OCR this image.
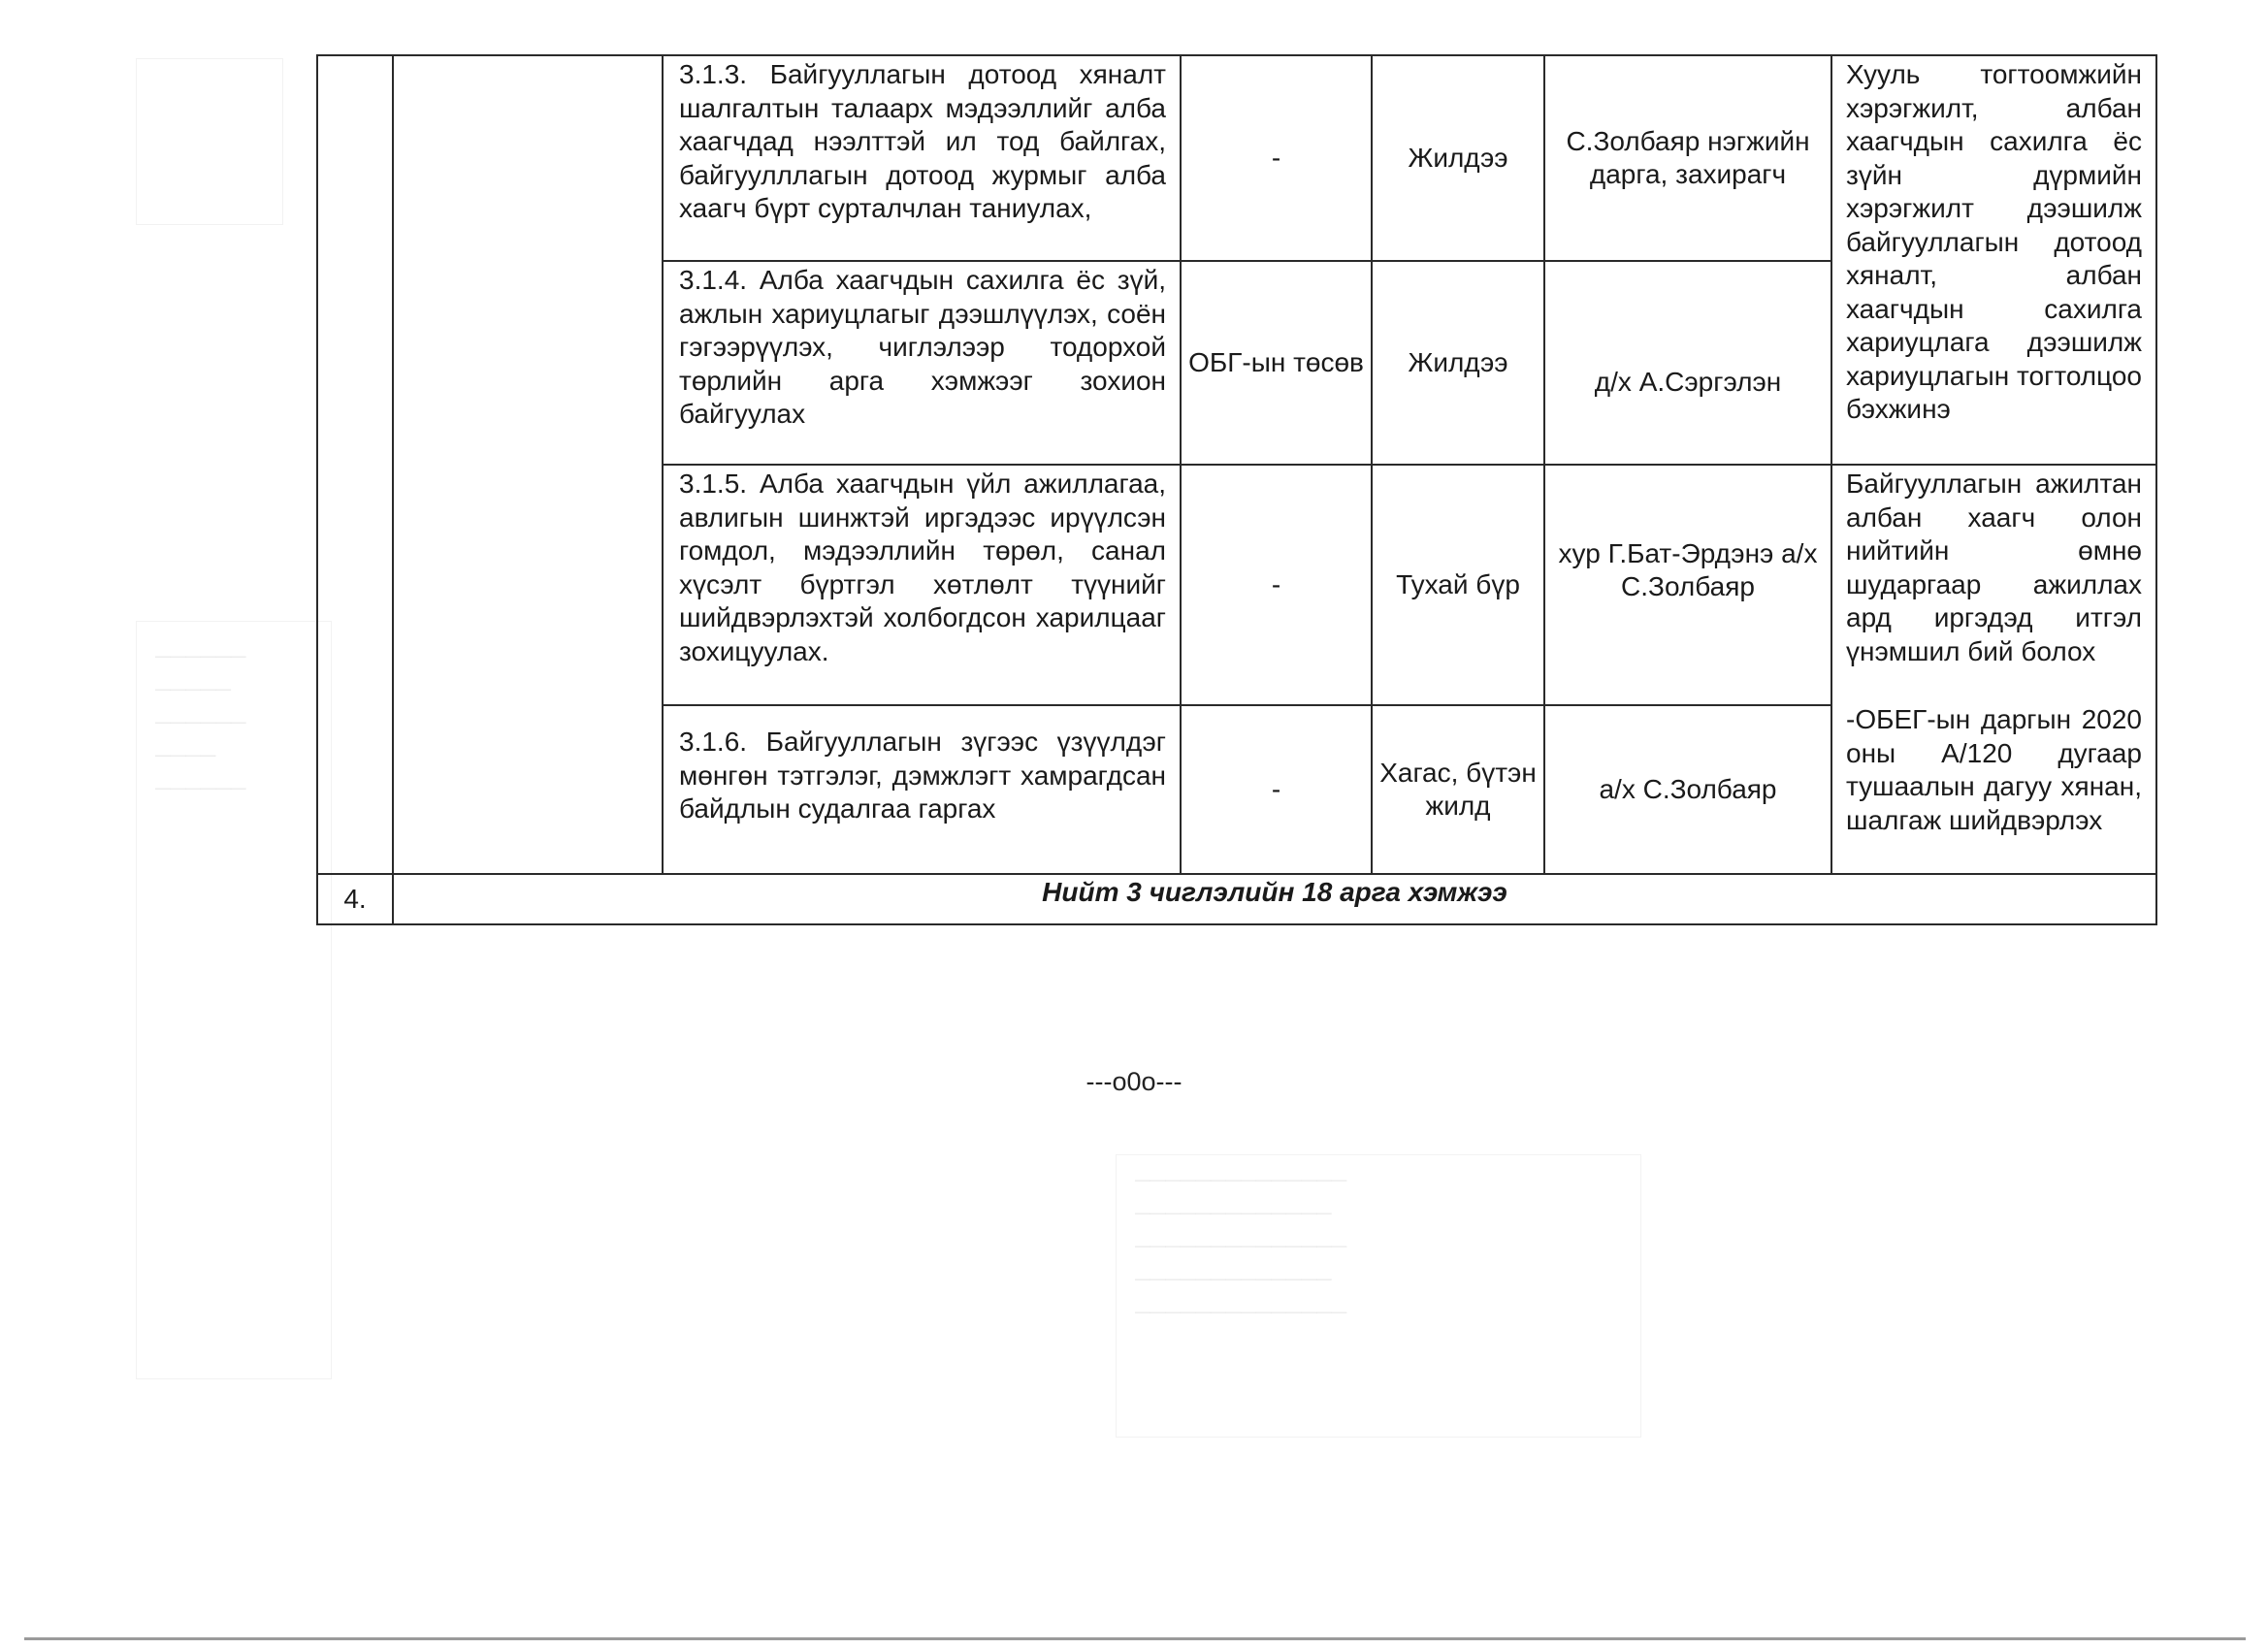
──────
─────
──────
────
──────
──────────────
─────────────
──────────────
─────────────
──────────────
		3.1.3. Байгууллагын дотоод хяналт шалгалтын талаарх мэдээллийг алба хаагчдад нээлттэй ил тод байлгах, байгуулллагын дотоод журмыг алба хаагч бүрт сурталчлан таниулах,	-	Жилдээ	С.Золбаяр нэгжийн дарга, захирагч	Хууль тогтоомжийн хэрэгжилт, албан хаагчдын сахилга ёс зүйн дүрмийн хэрэгжилт дээшилж байгууллагын дотоод хяналт, албан хаагчдын сахилга хариуцлага дээшилж хариуцлагын тогтолцоо бэхжинэ

		3.1.4. Алба хаагчдын сахилга ёс зүй, ажлын хариуцлагыг дээшлүүлэх, соён гэгээрүүлэх, чиглэлээр тодорхой төрлийн арга хэмжээг зохион байгуулах	ОБГ-ын төсөв	Жилдээ	д/х А.Сэргэлэн	
		3.1.5. Алба хаагчдын үйл ажиллагаа, авлигын шинжтэй иргэдээс ирүүлсэн гомдол, мэдээллийн төрөл, санал хүсэлт бүртгэл хөтлөлт түүнийг шийдвэрлэхтэй холбогдсон харилцааг зохицуулах.	-	Тухай бүр	хур Г.Бат-Эрдэнэ а/х С.Золбаяр	Байгууллагын ажилтан албан хаагч олон нийтийн өмнө шударгаар ажиллах ард иргэдэд итгэл үнэмшил бий болох

-ОБЕГ-ын даргын 2020 оны А/120 дугаар тушаалын дагуу хянан, шалгаж шийдвэрлэх

		3.1.6. Байгууллагын зүгээс үзүүлдэг мөнгөн тэтгэлэг, дэмжлэгт хамрагдсан байдлын судалгаа гаргах	-	Хагас, бүтэн жилд	а/х С.Золбаяр	
4.	Нийт 3 чиглэлийн 18 арга хэмжээ					
---o0o---
